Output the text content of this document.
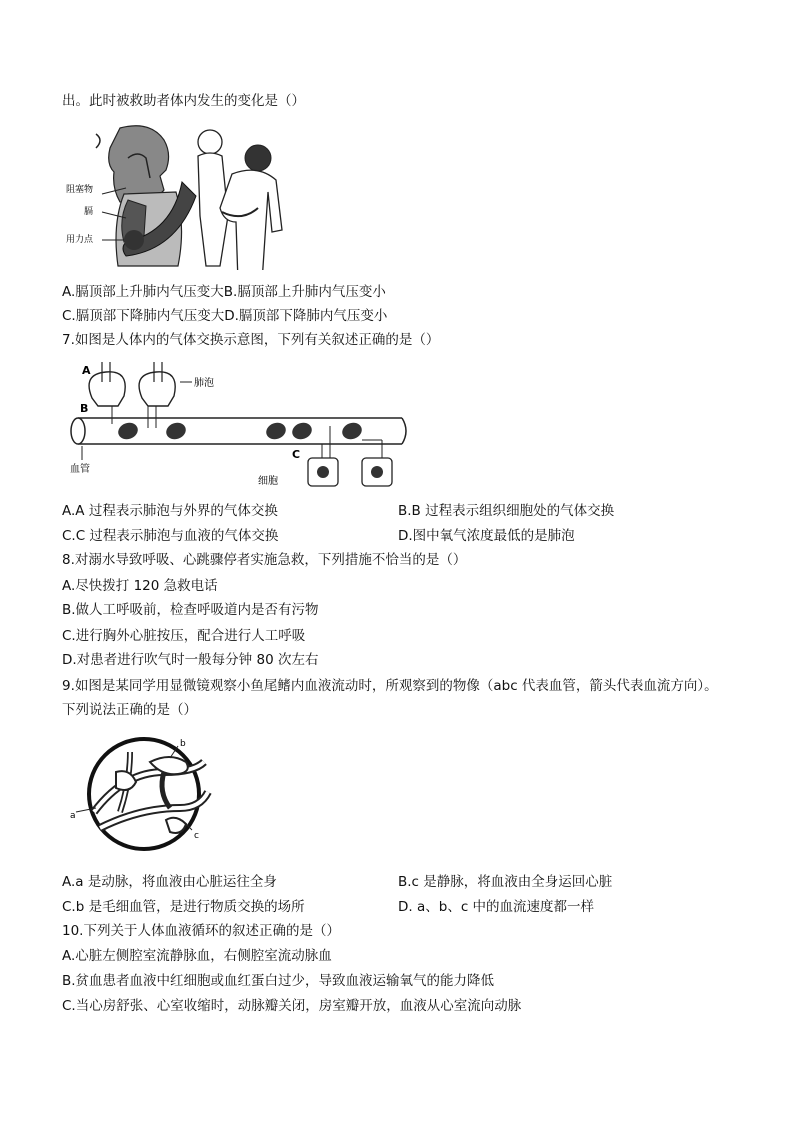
出。此时被救助者体内发生的变化是（）
阻塞物
膈
用力点
A.膈顶部上升肺内气压变大B.膈顶部上升肺内气压变小
C.膈顶部下降肺内气压变大D.膈顶部下降肺内气压变小
7.如图是人体内的气体交换示意图，下列有关叙述正确的是（）
A
肺泡
B
C
血管
细胞
A.A 过程表示肺泡与外界的气体交换	B.B 过程表示组织细胞处的气体交换
C.C 过程表示肺泡与血液的气体交换	D.图中氧气浓度最低的是肺泡
8.对溺水导致呼吸、心跳骤停者实施急救，下列措施不恰当的是（）
A.尽快拨打 120 急救电话
B.做人工呼吸前，检查呼吸道内是否有污物
C.进行胸外心脏按压，配合进行人工呼吸
D.对患者进行吹气时一般每分钟 80 次左右
9.如图是某同学用显微镜观察小鱼尾鳍内血液流动时，所观察到的物像（abc 代表血管，箭头代表血流方向）。
下列说法正确的是（）
a
b
c
A.a 是动脉，将血液由心脏运往全身	B.c 是静脉，将血液由全身运回心脏
C.b 是毛细血管，是进行物质交换的场所	D. a、b、c 中的血流速度都一样
10.下列关于人体血液循环的叙述正确的是（）
A.心脏左侧腔室流静脉血，右侧腔室流动脉血
B.贫血患者血液中红细胞或血红蛋白过少，导致血液运输氧气的能力降低
C.当心房舒张、心室收缩时，动脉瓣关闭，房室瓣开放，血液从心室流向动脉
